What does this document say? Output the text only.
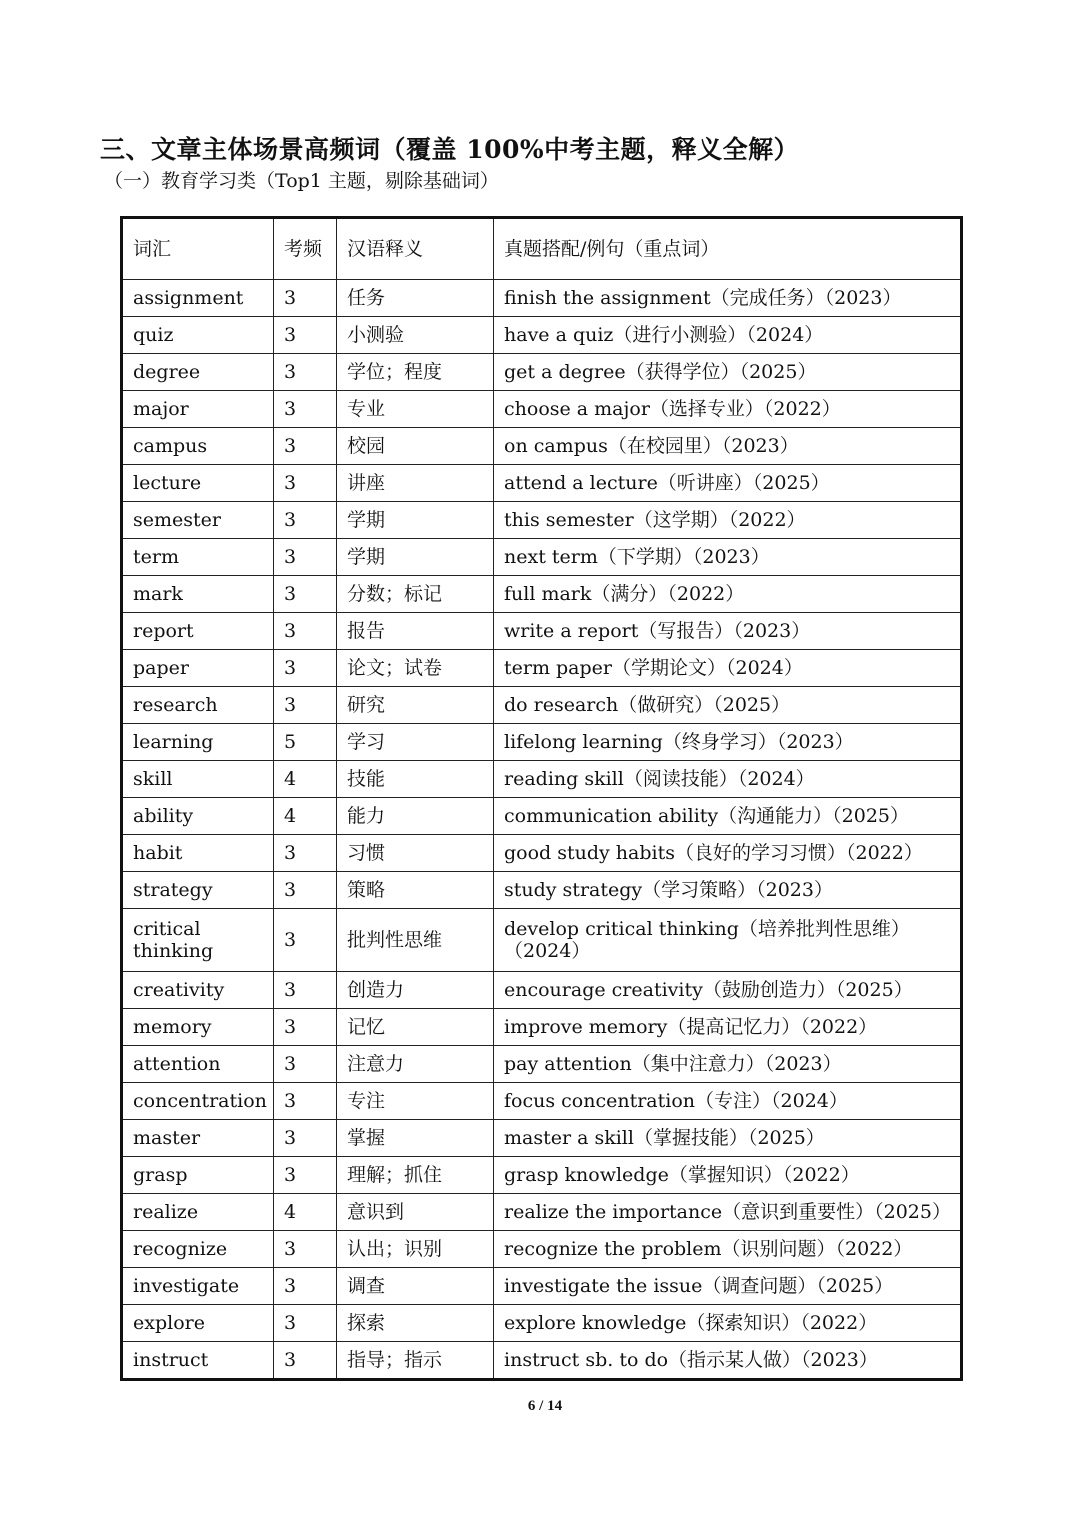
三、文章主体场景高频词（覆盖 100%中考主题，释义全解）
（一）教育学习类（Top1 主题，剔除基础词）
词汇	考频	汉语释义	真题搭配/例句（重点词）
assignment	3	任务	finish the assignment（完成任务）（2023）
quiz	3	小测验	have a quiz（进行小测验）（2024）
degree	3	学位；程度	get a degree（获得学位）（2025）
major	3	专业	choose a major（选择专业）（2022）
campus	3	校园	on campus（在校园里）（2023）
lecture	3	讲座	attend a lecture（听讲座）（2025）
semester	3	学期	this semester（这学期）（2022）
term	3	学期	next term（下学期）（2023）
mark	3	分数；标记	full mark（满分）（2022）
report	3	报告	write a report（写报告）（2023）
paper	3	论文；试卷	term paper（学期论文）（2024）
research	3	研究	do research（做研究）（2025）
learning	5	学习	lifelong learning（终身学习）（2023）
skill	4	技能	reading skill（阅读技能）（2024）
ability	4	能力	communication ability（沟通能力）（2025）
habit	3	习惯	good study habits（良好的学习习惯）（2022）
strategy	3	策略	study strategy（学习策略）（2023）
critical thinking	3	批判性思维	develop critical thinking（培养批判性思维）（2024）
creativity	3	创造力	encourage creativity（鼓励创造力）（2025）
memory	3	记忆	improve memory（提高记忆力）（2022）
attention	3	注意力	pay attention（集中注意力）（2023）
concentration	3	专注	focus concentration（专注）（2024）
master	3	掌握	master a skill（掌握技能）（2025）
grasp	3	理解；抓住	grasp knowledge（掌握知识）（2022）
realize	4	意识到	realize the importance（意识到重要性）（2025）
recognize	3	认出；识别	recognize the problem（识别问题）（2022）
investigate	3	调查	investigate the issue（调查问题）（2025）
explore	3	探索	explore knowledge（探索知识）（2022）
instruct	3	指导；指示	instruct sb. to do（指示某人做）（2023）
6 / 14
